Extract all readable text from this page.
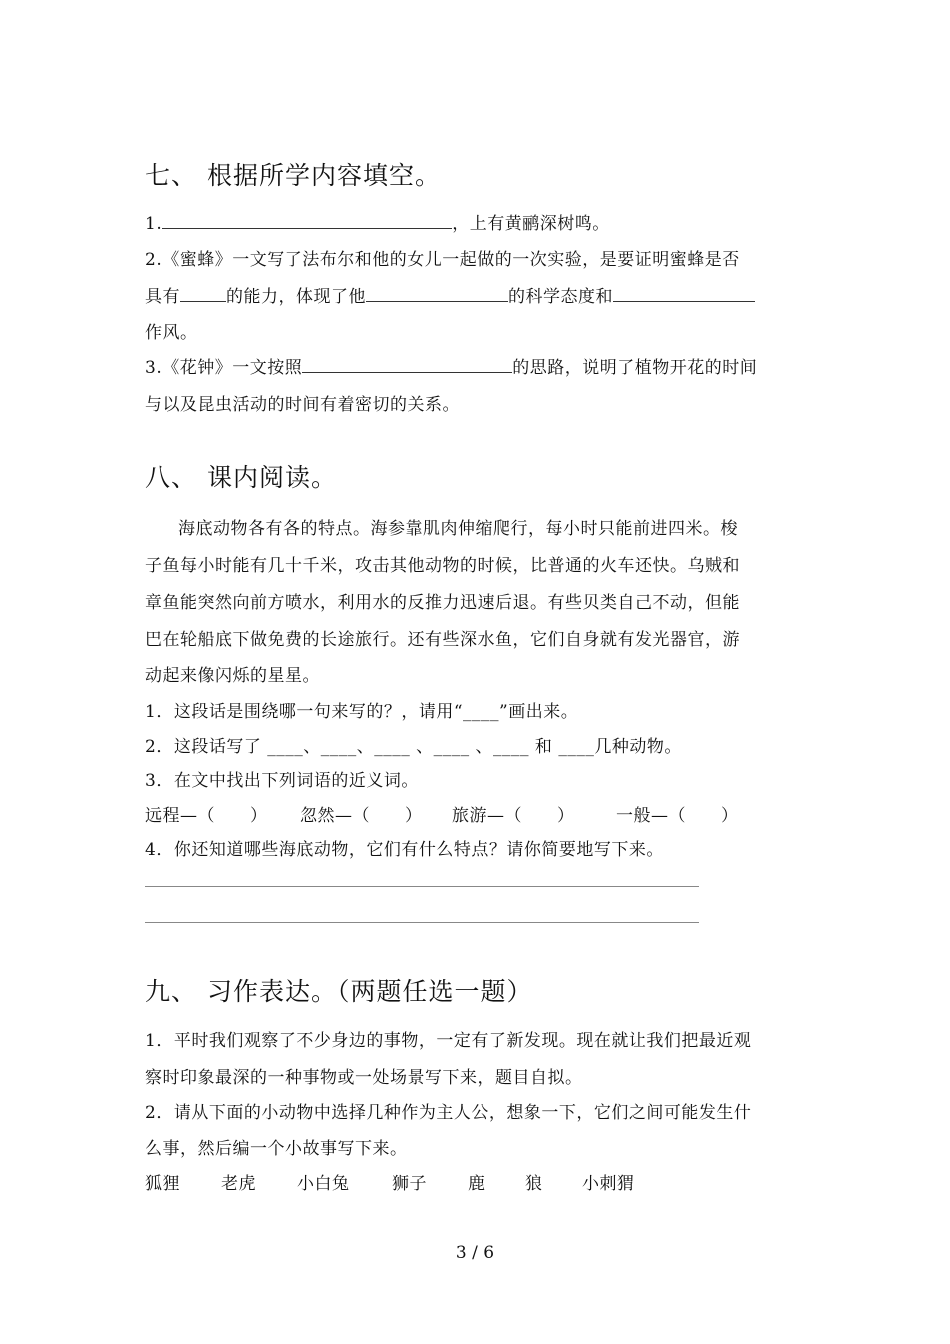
七、 根据所学内容填空。
1.	，上有黄鹂深树鸣。
2.《蜜蜂》一文写了法布尔和他的女儿一起做的一次实验，是要证明蜜蜂是否
具有	的能力，体现了他	的科学态度和
作风。
3.《花钟》一文按照	的思路，说明了植物开花的时间
与以及昆虫活动的时间有着密切的关系。
八、 课内阅读。
海底动物各有各的特点。海参靠肌肉伸缩爬行，每小时只能前进四米。梭
子鱼每小时能有几十千米，攻击其他动物的时候，比普通的火车还快。乌贼和
章鱼能突然向前方喷水，利用水的反推力迅速后退。有些贝类自己不动，但能
巴在轮船底下做免费的长途旅行。还有些深水鱼，它们自身就有发光器官，游
动起来像闪烁的星星。
1．这段话是围绕哪一句来写的？，请用“____”画出来。
2．这段话写了 ____、____、____ 、____ 、____ 和 ____几种动物。
3．在文中找出下列词语的近义词。
远程—（　　） 忽然—（　　） 旅游—（　　） 一般—（　　）
4．你还知道哪些海底动物，它们有什么特点？请你简要地写下来。
九、 习作表达。（两题任选一题）
1．平时我们观察了不少身边的事物，一定有了新发现。现在就让我们把最近观
察时印象最深的一种事物或一处场景写下来，题目自拟。
2．请从下面的小动物中选择几种作为主人公，想象一下，它们之间可能发生什
么事，然后编一个小故事写下来。
狐狸 老虎 小白兔	狮子 鹿 狼 小刺猬
3 / 6
